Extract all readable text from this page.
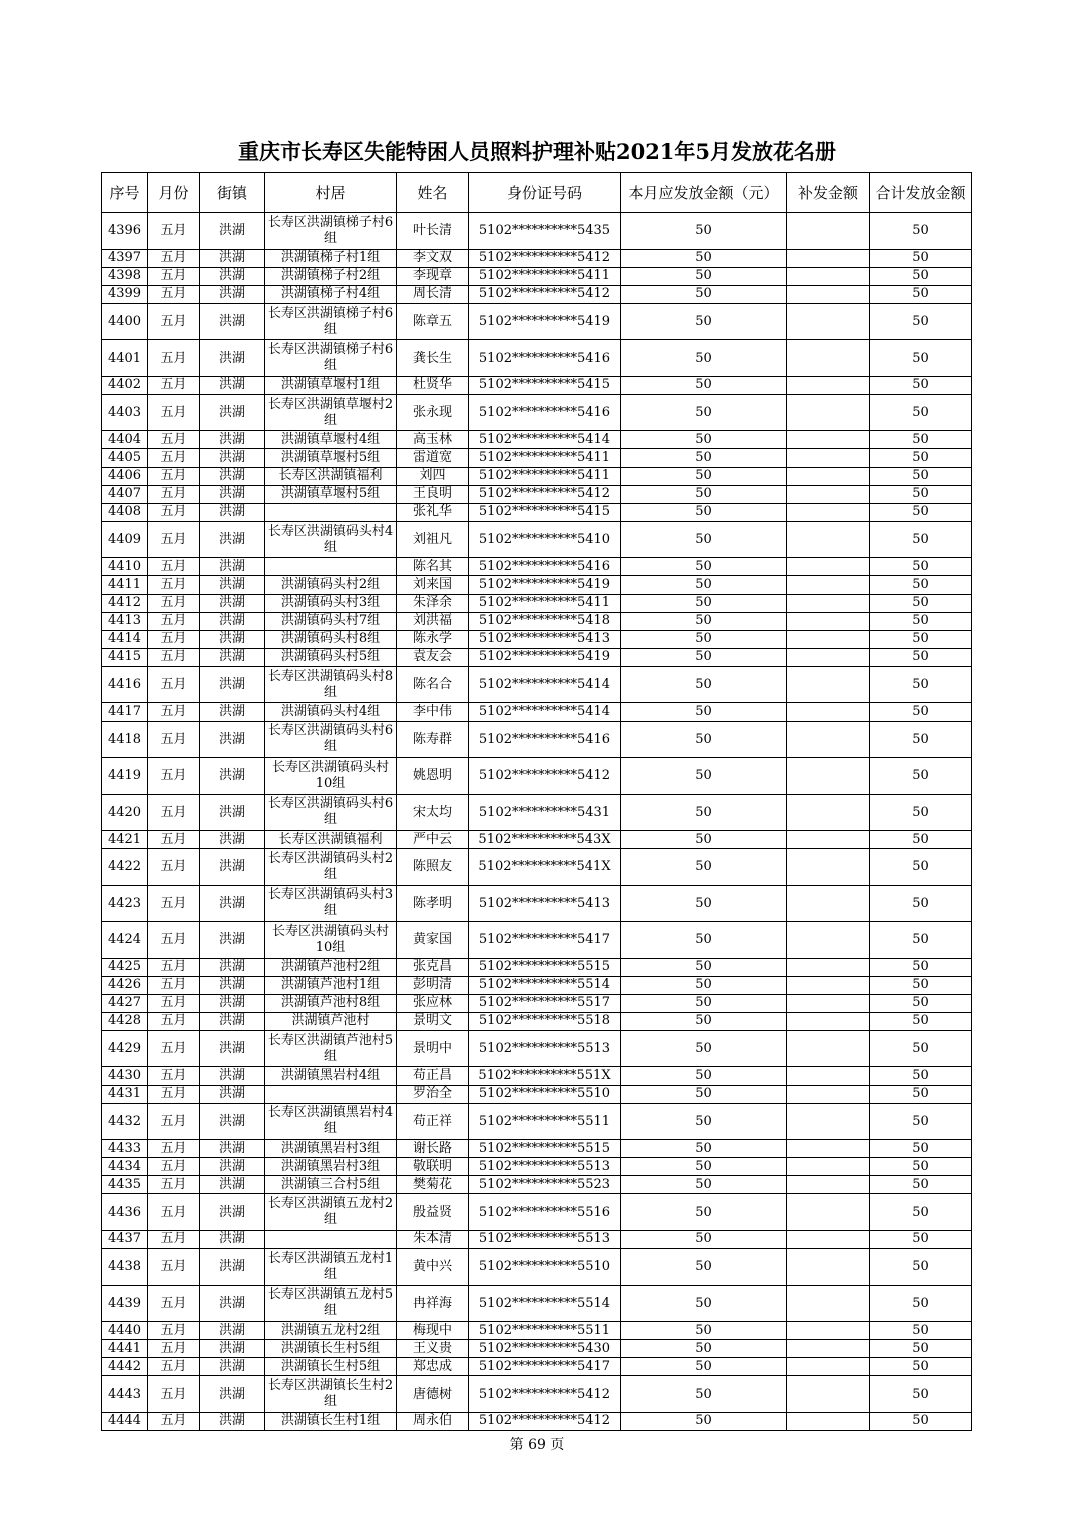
重庆市长寿区失能特困人员照料护理补贴2021年5月发放花名册
序号	月份	街镇	村居	姓名	身份证号码	本月应发放金额（元）	补发金额	合计发放金额
4396	五月	洪湖	长寿区洪湖镇梯子村6组	叶长清	5102**********5435	50		50
4397	五月	洪湖	洪湖镇梯子村1组	李文双	5102**********5412	50		50
4398	五月	洪湖	洪湖镇梯子村2组	李现章	5102**********5411	50		50
4399	五月	洪湖	洪湖镇梯子村4组	周长清	5102**********5412	50		50
4400	五月	洪湖	长寿区洪湖镇梯子村6组	陈章五	5102**********5419	50		50
4401	五月	洪湖	长寿区洪湖镇梯子村6组	龚长生	5102**********5416	50		50
4402	五月	洪湖	洪湖镇草堰村1组	杜贤华	5102**********5415	50		50
4403	五月	洪湖	长寿区洪湖镇草堰村2组	张永现	5102**********5416	50		50
4404	五月	洪湖	洪湖镇草堰村4组	高玉林	5102**********5414	50		50
4405	五月	洪湖	洪湖镇草堰村5组	雷道宽	5102**********5411	50		50
4406	五月	洪湖	长寿区洪湖镇福利	刘四	5102**********5411	50		50
4407	五月	洪湖	洪湖镇草堰村5组	王良明	5102**********5412	50		50
4408	五月	洪湖		张礼华	5102**********5415	50		50
4409	五月	洪湖	长寿区洪湖镇码头村4组	刘祖凡	5102**********5410	50		50
4410	五月	洪湖		陈名其	5102**********5416	50		50
4411	五月	洪湖	洪湖镇码头村2组	刘来国	5102**********5419	50		50
4412	五月	洪湖	洪湖镇码头村3组	朱泽余	5102**********5411	50		50
4413	五月	洪湖	洪湖镇码头村7组	刘洪福	5102**********5418	50		50
4414	五月	洪湖	洪湖镇码头村8组	陈永学	5102**********5413	50		50
4415	五月	洪湖	洪湖镇码头村5组	袁友会	5102**********5419	50		50
4416	五月	洪湖	长寿区洪湖镇码头村8组	陈名合	5102**********5414	50		50
4417	五月	洪湖	洪湖镇码头村4组	李中伟	5102**********5414	50		50
4418	五月	洪湖	长寿区洪湖镇码头村6组	陈寿群	5102**********5416	50		50
4419	五月	洪湖	长寿区洪湖镇码头村10组	姚恩明	5102**********5412	50		50
4420	五月	洪湖	长寿区洪湖镇码头村6组	宋太均	5102**********5431	50		50
4421	五月	洪湖	长寿区洪湖镇福利	严中云	5102**********543X	50		50
4422	五月	洪湖	长寿区洪湖镇码头村2组	陈照友	5102**********541X	50		50
4423	五月	洪湖	长寿区洪湖镇码头村3组	陈孝明	5102**********5413	50		50
4424	五月	洪湖	长寿区洪湖镇码头村10组	黄家国	5102**********5417	50		50
4425	五月	洪湖	洪湖镇芦池村2组	张克昌	5102**********5515	50		50
4426	五月	洪湖	洪湖镇芦池村1组	彭明清	5102**********5514	50		50
4427	五月	洪湖	洪湖镇芦池村8组	张应林	5102**********5517	50		50
4428	五月	洪湖	洪湖镇芦池村	景明文	5102**********5518	50		50
4429	五月	洪湖	长寿区洪湖镇芦池村5组	景明中	5102**********5513	50		50
4430	五月	洪湖	洪湖镇黑岩村4组	苟正昌	5102**********551X	50		50
4431	五月	洪湖		罗治全	5102**********5510	50		50
4432	五月	洪湖	长寿区洪湖镇黑岩村4组	苟正祥	5102**********5511	50		50
4433	五月	洪湖	洪湖镇黑岩村3组	谢长路	5102**********5515	50		50
4434	五月	洪湖	洪湖镇黑岩村3组	敬联明	5102**********5513	50		50
4435	五月	洪湖	洪湖镇三合村5组	樊菊花	5102**********5523	50		50
4436	五月	洪湖	长寿区洪湖镇五龙村2组	殷益贤	5102**********5516	50		50
4437	五月	洪湖		朱本清	5102**********5513	50		50
4438	五月	洪湖	长寿区洪湖镇五龙村1组	黄中兴	5102**********5510	50		50
4439	五月	洪湖	长寿区洪湖镇五龙村5组	冉祥海	5102**********5514	50		50
4440	五月	洪湖	洪湖镇五龙村2组	梅现中	5102**********5511	50		50
4441	五月	洪湖	洪湖镇长生村5组	王义贵	5102**********5430	50		50
4442	五月	洪湖	洪湖镇长生村5组	郑忠成	5102**********5417	50		50
4443	五月	洪湖	长寿区洪湖镇长生村2组	唐德树	5102**********5412	50		50
4444	五月	洪湖	洪湖镇长生村1组	周永伯	5102**********5412	50		50
第 69 页
